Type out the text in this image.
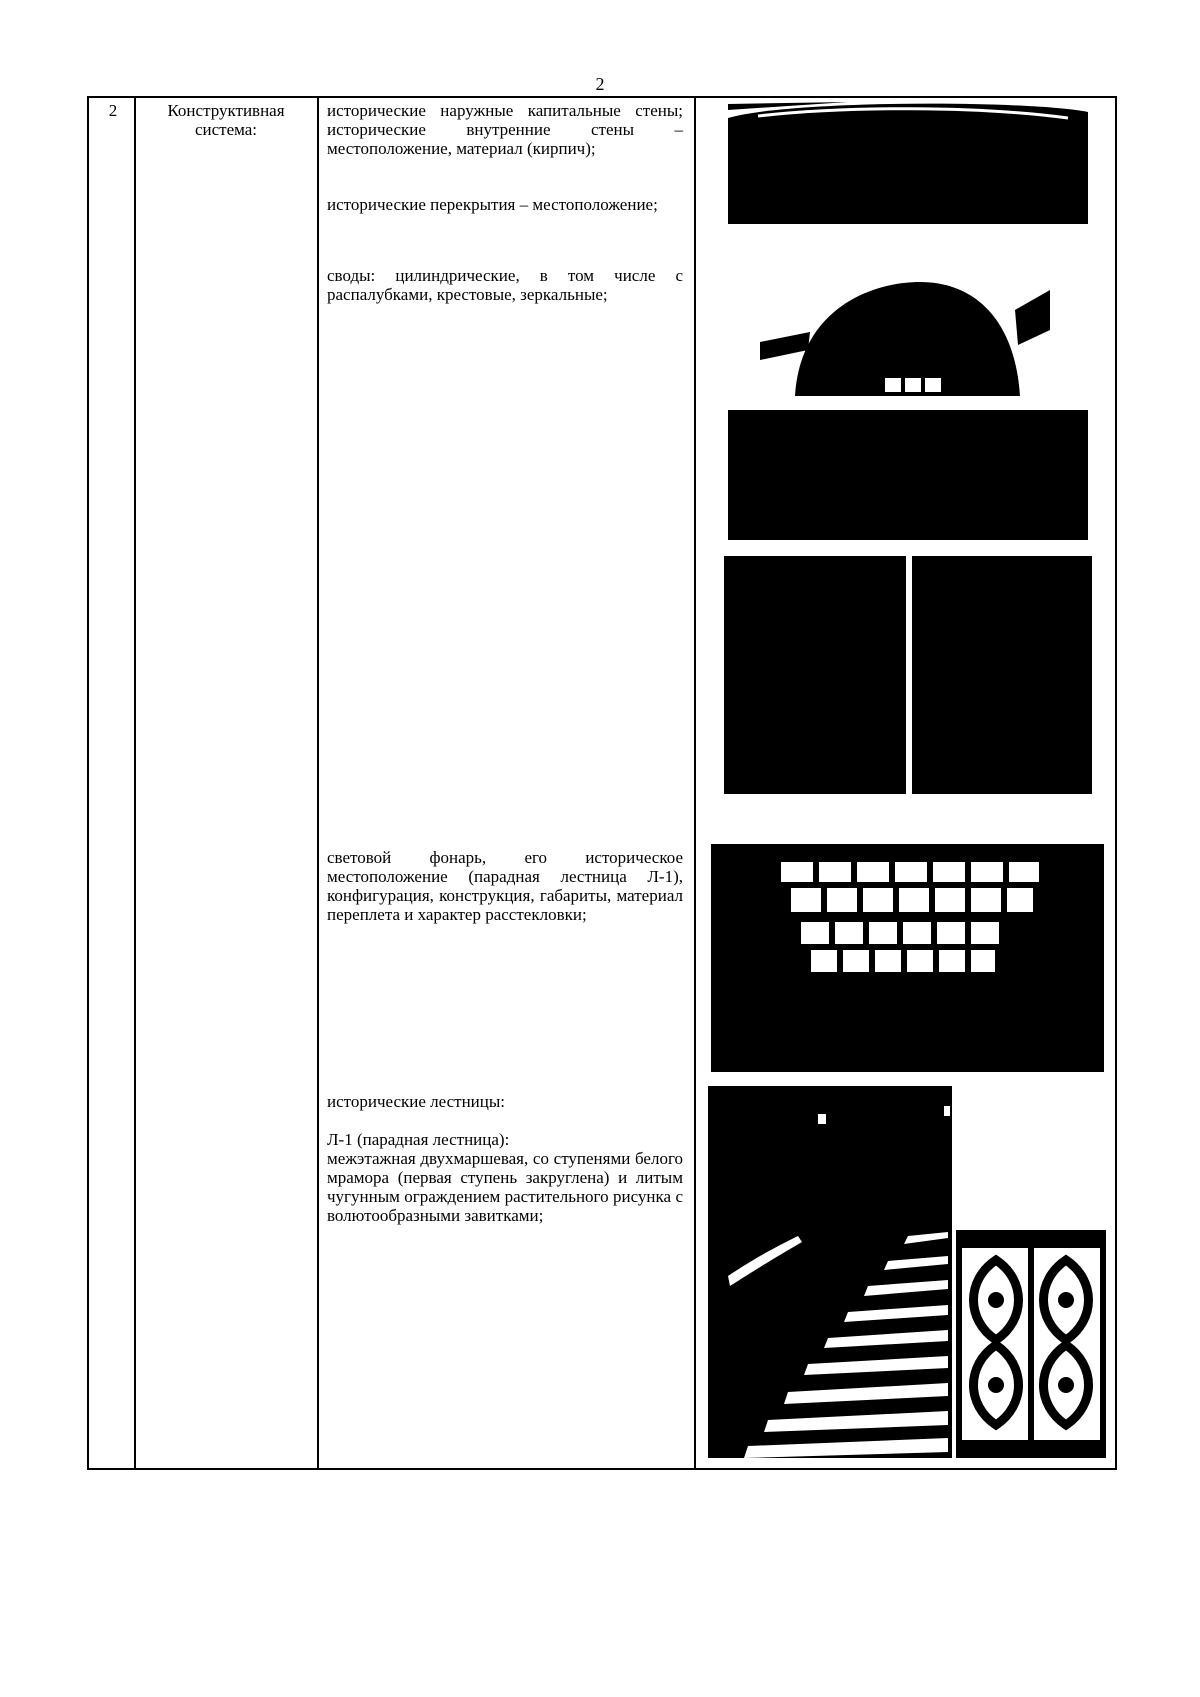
2
2	Конструктивная система:

исторические наружные капитальные стены; исторические внутренние стены – местоположение, материал (кирпич);

исторические перекрытия – местоположение;

своды: цилиндрические, в том числе с распалубками, крестовые, зеркальные;

световой фонарь, его историческое местоположение (парадная лестница Л-1), конфигурация, конструкция, габариты, материал переплета и характер расстекловки;

исторические лестницы:

Л-1 (парадная лестница):

межэтажная двухмаршевая, со ступенями белого мрамора (первая ступень закруглена) и литым чугунным ограждением растительного рисунка с волютообразными завитками;
